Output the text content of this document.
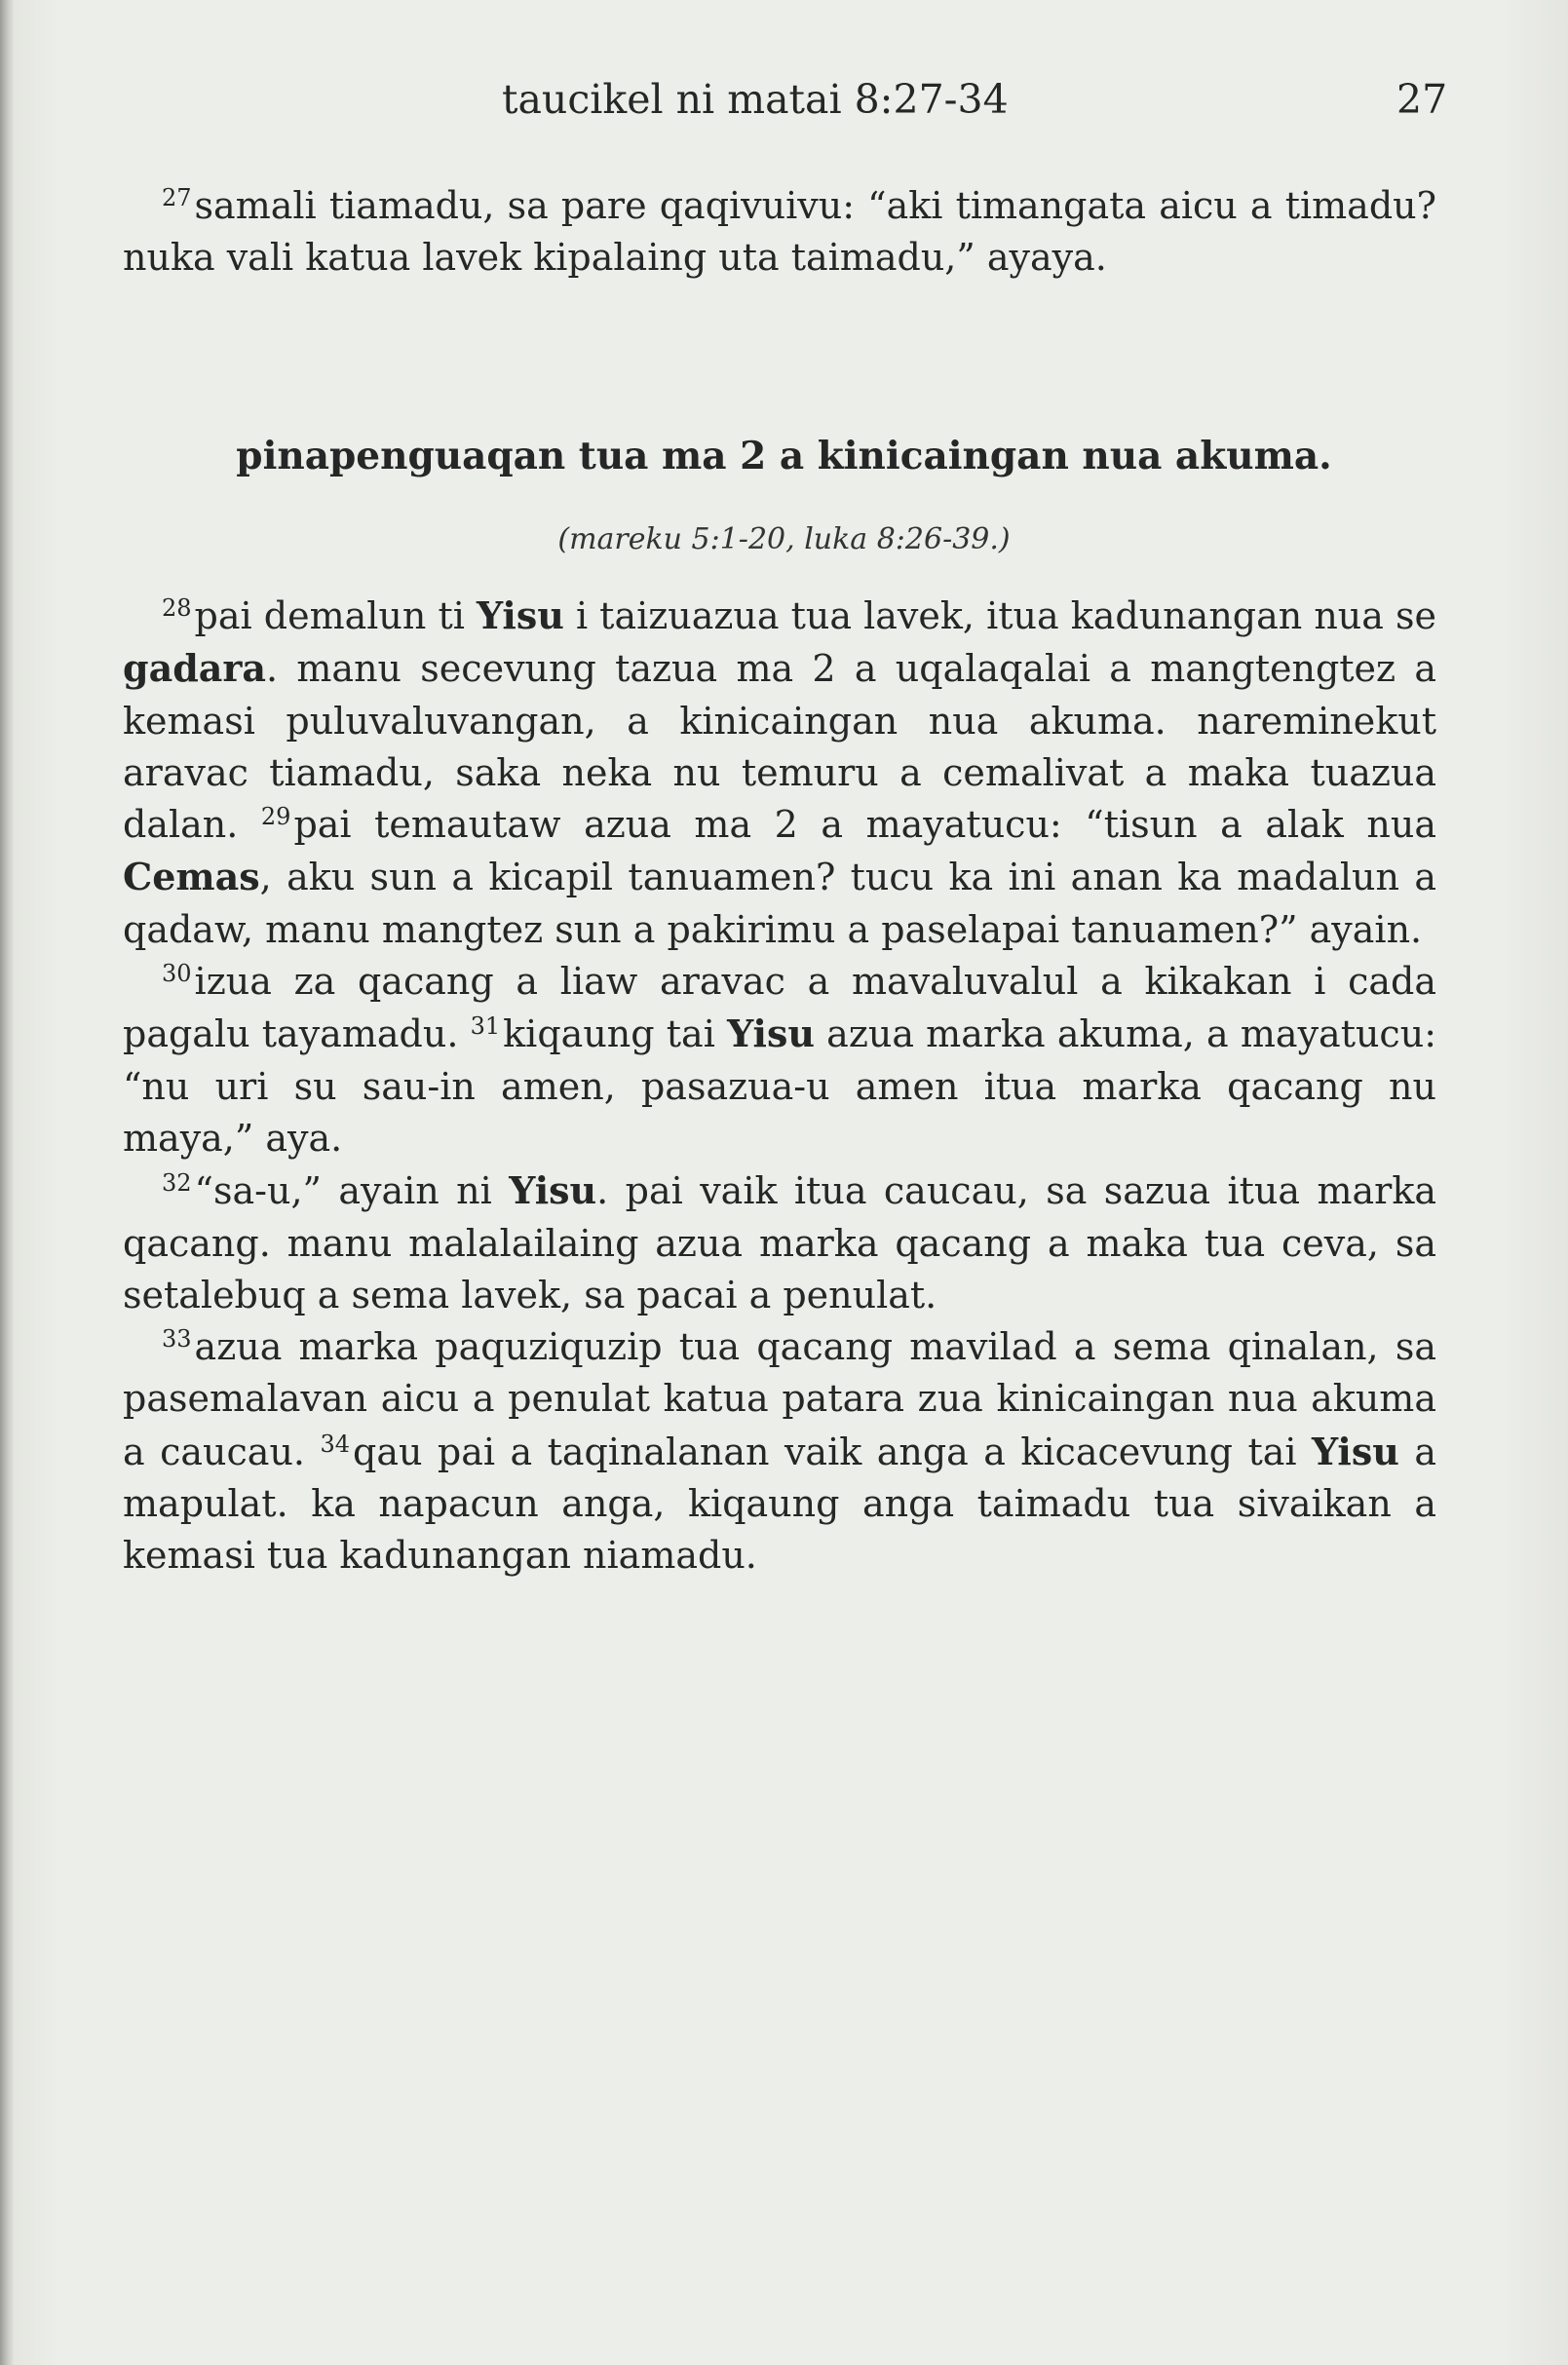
taucikel ni matai 8:27-34	27

$^{27}$samali tiamadu, sa pare qaqivuivu: “aki timangata aicu a timadu? nuka vali katua lavek kipalaing uta taimadu,” ayaya.

pinapenguaqan tua ma 2 a kinicaingan nua akuma.
(mareku 5:1-20, luka 8:26-39.)

$^{28}$pai demalun ti Yisu i taizuazua tua lavek, itua kadunangan nua se gadara. manu secevung tazua ma 2 a uqalaqalai a mangtengtez a kemasi puluvaluvangan, a kinicaingan nua akuma. nareminekut aravac tiamadu, saka neka nu temuru a cemalivat a maka tuazua dalan. $^{29}$pai temautaw azua ma 2 a mayatucu: “tisun a alak nua Cemas, aku sun a kicapil tanuamen? tucu ka ini anan ka madalun a qadaw, manu mangtez sun a pakirimu a paselapai tanuamen?” ayain.

$^{30}$izua za qacang a liaw aravac a mavaluvalul a kikakan i cada pagalu tayamadu. $^{31}$kiqaung tai Yisu azua marka akuma, a mayatucu: “nu uri su sau-in amen, pasazua-u amen itua marka qacang nu maya,” aya.

$^{32}$“sa-u,” ayain ni Yisu. pai vaik itua caucau, sa sazua itua marka qacang. manu malalailaing azua marka qacang a maka tua ceva, sa setalebuq a sema lavek, sa pacai a penulat.

$^{33}$azua marka paquziquzip tua qacang mavilad a sema qinalan, sa pasemalavan aicu a penulat katua patara zua kinicaingan nua akuma a caucau. $^{34}$qau pai a taqinalanan vaik anga a kicacevung tai Yisu a mapulat. ka napacun anga, kiqaung anga taimadu tua sivaikan a kemasi tua kadunangan niamadu.
